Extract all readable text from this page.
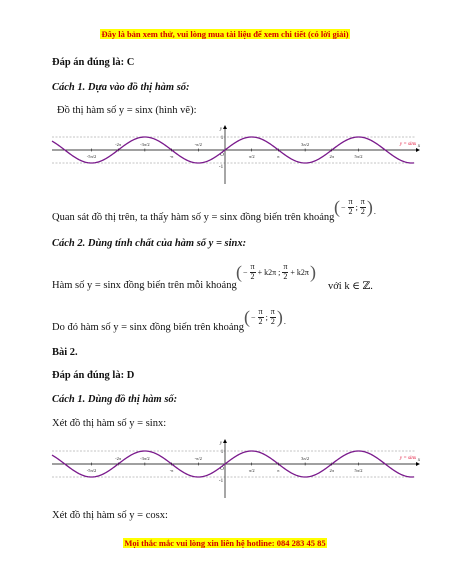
Đây là bản xem thử, vui lòng mua tài liệu để xem chi tiết (có lời giải)
Đáp án đúng là: C
Cách 1. Dựa vào đồ thị hàm số:
Đồ thị hàm số y = sinx (hình vẽ):
y
x
O
1
-1
-5π/2
-2π	-3π/2
-π
-π/2
π/2	π
3π/2
2π	5π/2
y = sinx
Quan sát đồ thị trên, ta thấy hàm số y = sinx đồng biến trên khoảng
( − $\frac{\pi}{2}$ ; $\frac{\pi}{2}$ ) .
Cách 2. Dùng tính chất của hàm số y = sinx:
Hàm số y = sinx đồng biến trên mỗi khoảng
( − $\frac{\pi}{2} + k2\pi$ ; $\frac{\pi}{2} + k2\pi$ )
với k ∈ ℤ.
Do đó hàm số y = sinx đồng biến trên khoảng
( − $\frac{\pi}{2}$ ; $\frac{\pi}{2}$ ) .
Bài 2.
Đáp án đúng là: D
Cách 1. Dùng đồ thị hàm số:
Xét đồ thị hàm số y = sinx:
y
x
O
1
-1
-5π/2
-2π	-3π/2
-π
-π/2
π/2	π
3π/2
2π	5π/2
y = sinx
Xét đồ thị hàm số y = cosx:
Mọi thắc mắc vui lòng xin liên hệ hotline: 084 283 45 85
